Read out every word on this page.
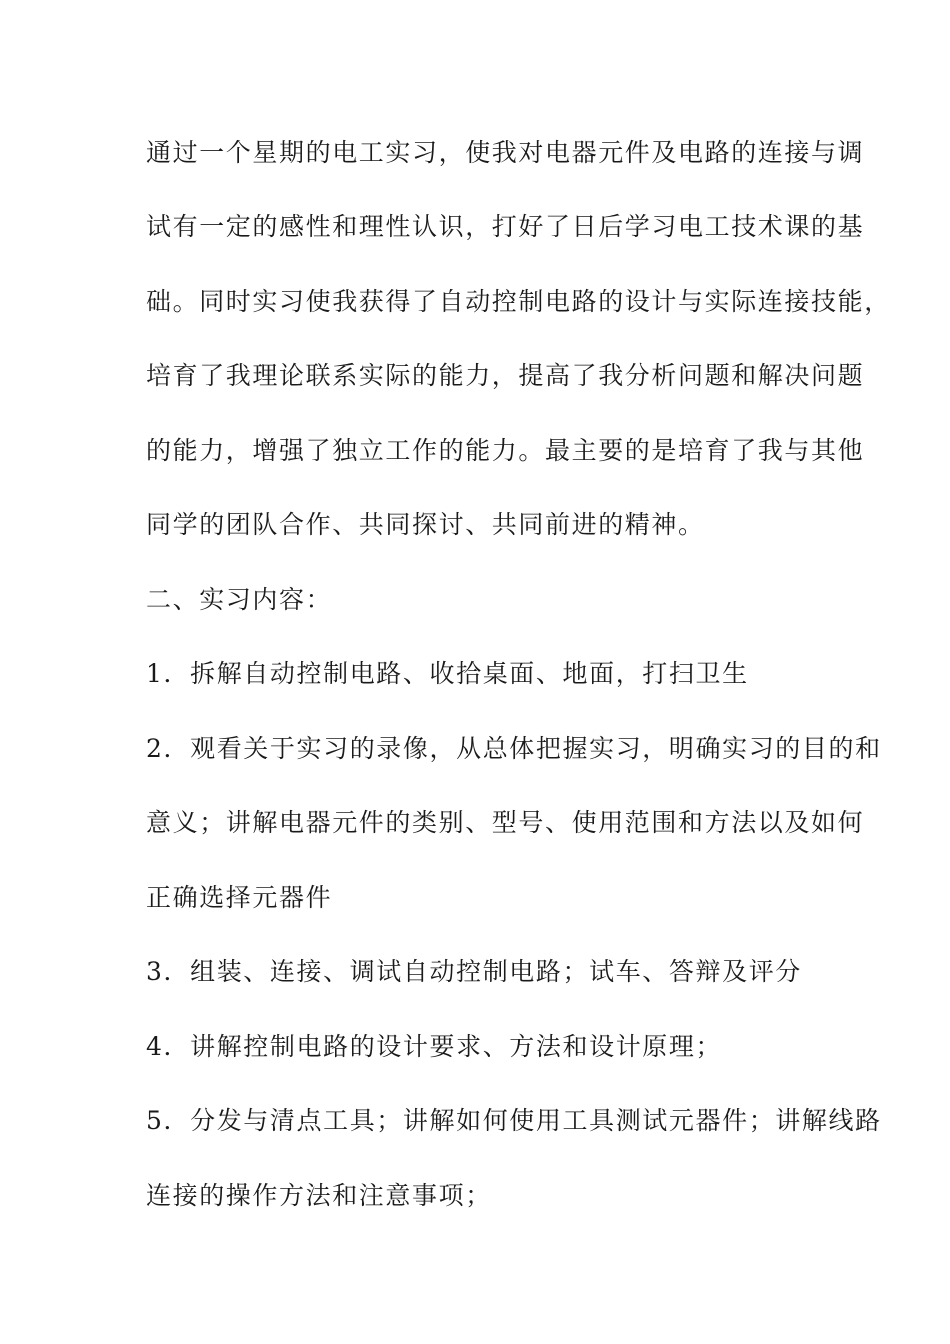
通过一个星期的电工实习，使我对电器元件及电路的连接与调
试有一定的感性和理性认识，打好了日后学习电工技术课的基
础。同时实习使我获得了自动控制电路的设计与实际连接技能，
培育了我理论联系实际的能力，提高了我分析问题和解决问题
的能力，增强了独立工作的能力。最主要的是培育了我与其他
同学的团队合作、共同探讨、共同前进的精神。
二、实习内容：
1．拆解自动控制电路、收拾桌面、地面，打扫卫生
2．观看关于实习的录像，从总体把握实习，明确实习的目的和
意义；讲解电器元件的类别、型号、使用范围和方法以及如何
正确选择元器件
3．组装、连接、调试自动控制电路；试车、答辩及评分
4．讲解控制电路的设计要求、方法和设计原理；
5．分发与清点工具；讲解如何使用工具测试元器件；讲解线路
连接的操作方法和注意事项；
